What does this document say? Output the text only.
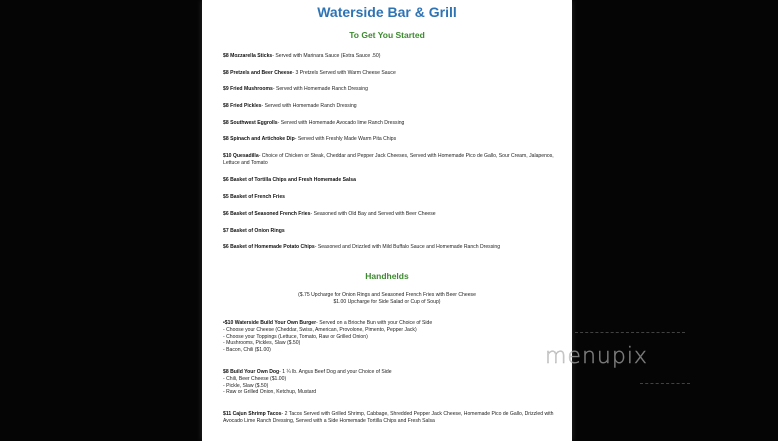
Waterside Bar & Grill
To Get You Started
$8 Mozzarella Sticks- Served with Marinara Sauce (Extra Sauce .50)
$8 Pretzels and Beer Cheese- 3 Pretzels Served with Warm Cheese Sauce
$9 Fried Mushrooms- Served with Homemade Ranch Dressing
$8 Fried Pickles- Served with Homemade Ranch Dressing
$8 Southwest Eggrolls- Served with Homemade Avocado lime Ranch Dressing
$8 Spinach and Artichoke Dip- Served with Freshly Made Warm Pita Chips
$10 Quesadilla- Choice of Chicken or Steak, Cheddar and Pepper Jack Cheeses, Served with Homemade Pico de Gallo, Sour Cream, Jalapenos, Lettuce and Tomato
$6 Basket of Tortilla Chips and Fresh Homemade Salsa
$5 Basket of French Fries
$6 Basket of Seasoned French Fries- Seasoned with Old Bay and Served with Beer Cheese
$7 Basket of Onion Rings
$6 Basket of Homemade Potato Chips- Seasoned and Drizzled with Mild Buffalo Sauce and Homemade Ranch Dressing
Handhelds
($.75 Upcharge for Onion Rings and Seasoned French Fries with Beer Cheese
$1.00 Upcharge for Side Salad or Cup of Soup)
•$10 Waterside Build Your Own Burger- Served on a Brioche Bun with your Choice of Side
- Choose your Cheese (Cheddar, Swiss, American, Provolone, Pimento, Pepper Jack)
- Choose your Toppings (Lettuce, Tomato, Raw or Grilled Onion)
- Mushrooms, Pickles, Slaw ($.50)
- Bacon, Chili ($1.00)
$8 Build Your Own Dog- 1 ¼ lb. Angus Beef Dog and your Choice of Side
- Chili, Beer Cheese ($1.00)
- Pickle, Slaw ($.50)
- Raw or Grilled Onion, Ketchup, Mustard
$11 Cajun Shrimp Tacos- 2 Tacos Served with Grilled Shrimp, Cabbage, Shredded Pepper Jack Cheese, Homemade Pico de Gallo, Drizzled with Avocado Lime Ranch Dressing, Served with a Side Homemade Tortilla Chips and Fresh Salsa
menupix
